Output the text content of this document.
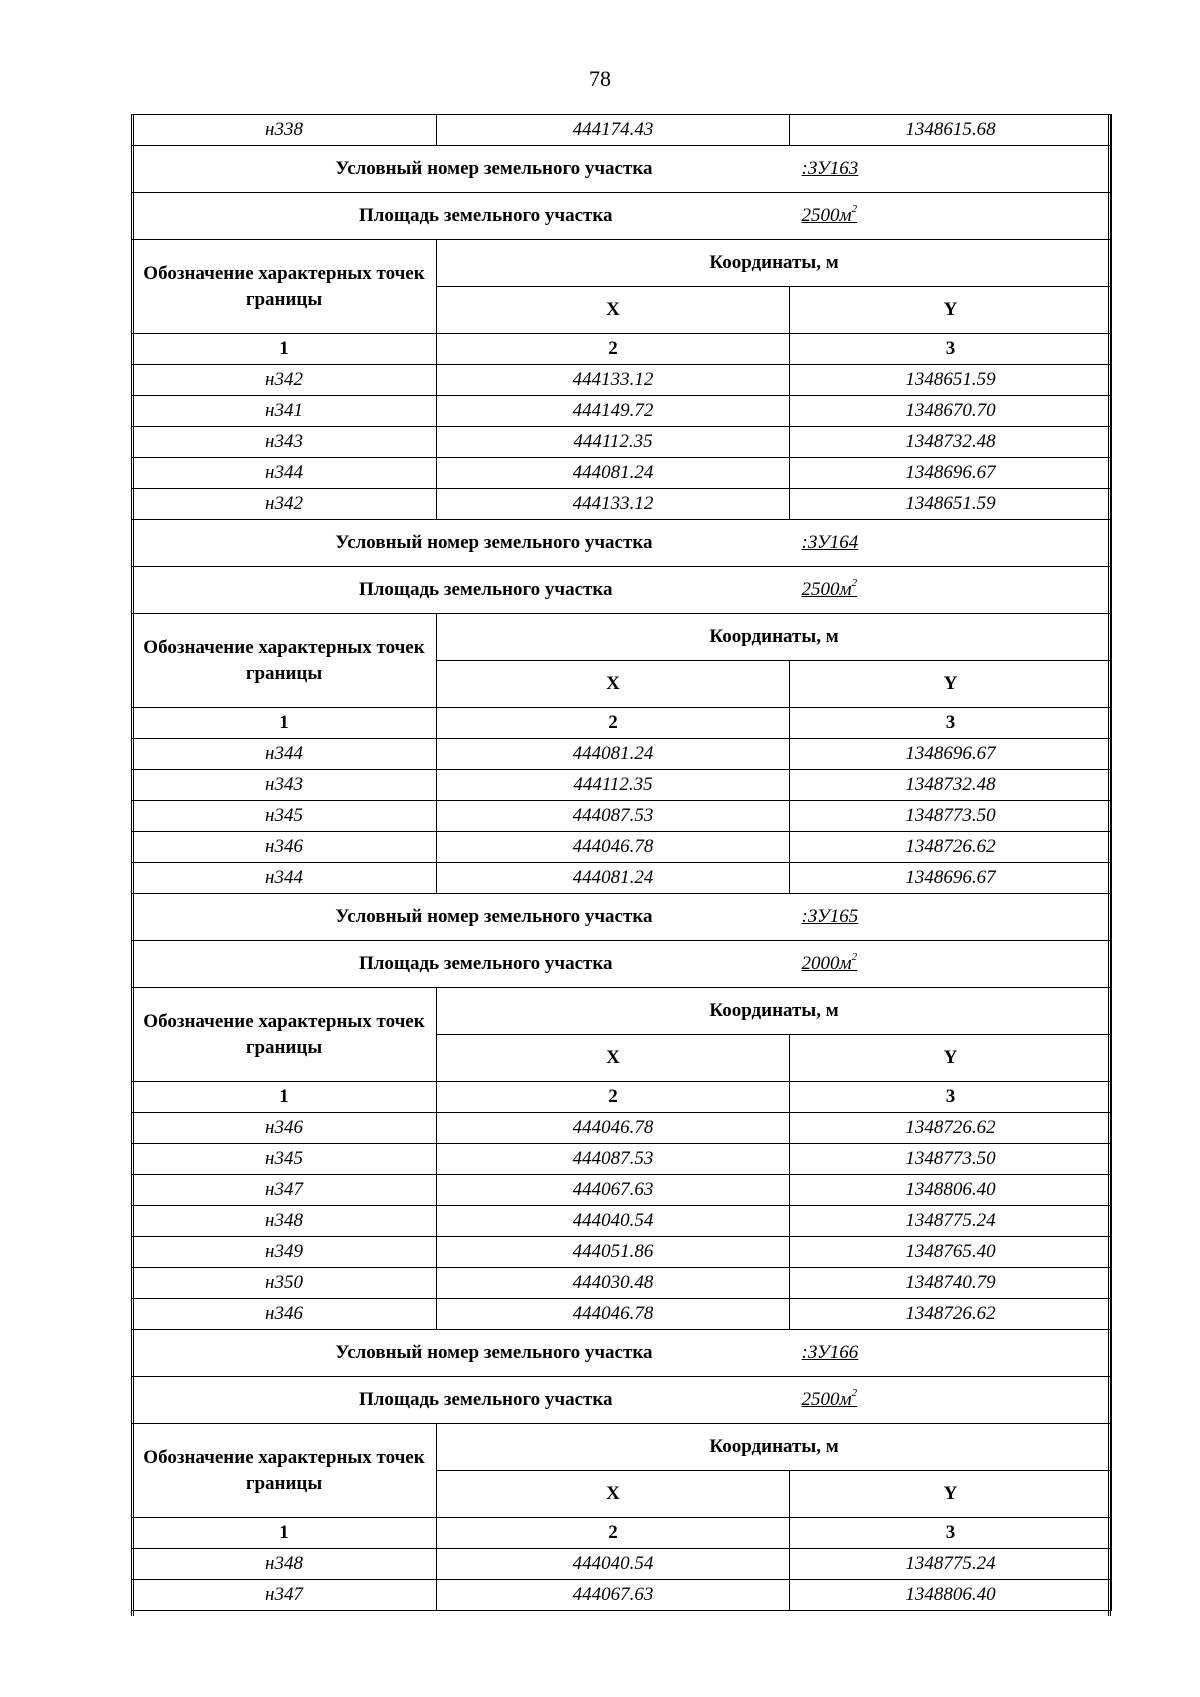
78
н338	444174.43	1348615.68
Условный номер земельного участка		:ЗУ163
Площадь земельного участка		$2500м^2$
Обозначение характерных точек границы	Координаты, м	
	X	Y
1	2	3
н342	444133.12	1348651.59
н341	444149.72	1348670.70
н343	444112.35	1348732.48
н344	444081.24	1348696.67
н342	444133.12	1348651.59
Условный номер земельного участка		:ЗУ164
Площадь земельного участка		$2500м^2$
Обозначение характерных точек границы	Координаты, м	
	X	Y
1	2	3
н344	444081.24	1348696.67
н343	444112.35	1348732.48
н345	444087.53	1348773.50
н346	444046.78	1348726.62
н344	444081.24	1348696.67
Условный номер земельного участка		:ЗУ165
Площадь земельного участка		$2000м^2$
Обозначение характерных точек границы	Координаты, м	
	X	Y
1	2	3
н346	444046.78	1348726.62
н345	444087.53	1348773.50
н347	444067.63	1348806.40
н348	444040.54	1348775.24
н349	444051.86	1348765.40
н350	444030.48	1348740.79
н346	444046.78	1348726.62
Условный номер земельного участка		:ЗУ166
Площадь земельного участка		$2500м^2$
Обозначение характерных точек границы	Координаты, м	
	X	Y
1	2	3
н348	444040.54	1348775.24
н347	444067.63	1348806.40
